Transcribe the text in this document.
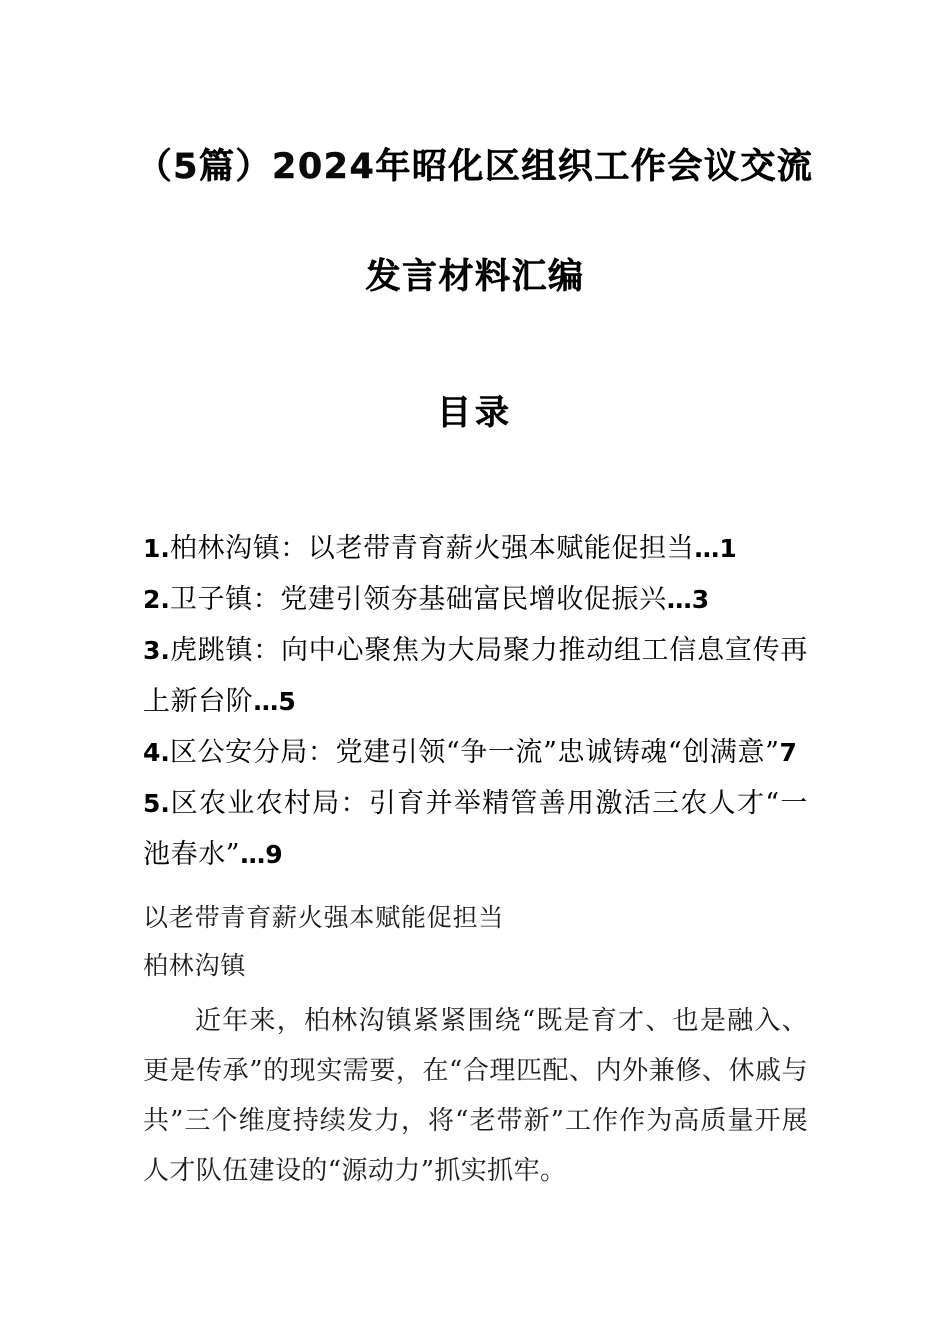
（5篇）2024年昭化区组织工作会议交流
发言材料汇编
目录
1.柏林沟镇：以老带青育薪火强本赋能促担当…1
2.卫子镇：党建引领夯基础富民增收促振兴…3
3.虎跳镇：向中心聚焦为大局聚力推动组工信息宣传再上新台阶…5
4.区公安分局：党建引领“争一流”忠诚铸魂“创满意”7
5.区农业农村局：引育并举精管善用激活三农人才“一池春水”…9
以老带青育薪火强本赋能促担当
柏林沟镇

近年来，柏林沟镇紧紧围绕“既是育才、也是融入、更是传承”的现实需要，在“合理匹配、内外兼修、休戚与共”三个维度持续发力，将“老带新”工作作为高质量开展人才队伍建设的“源动力”抓实抓牢。
